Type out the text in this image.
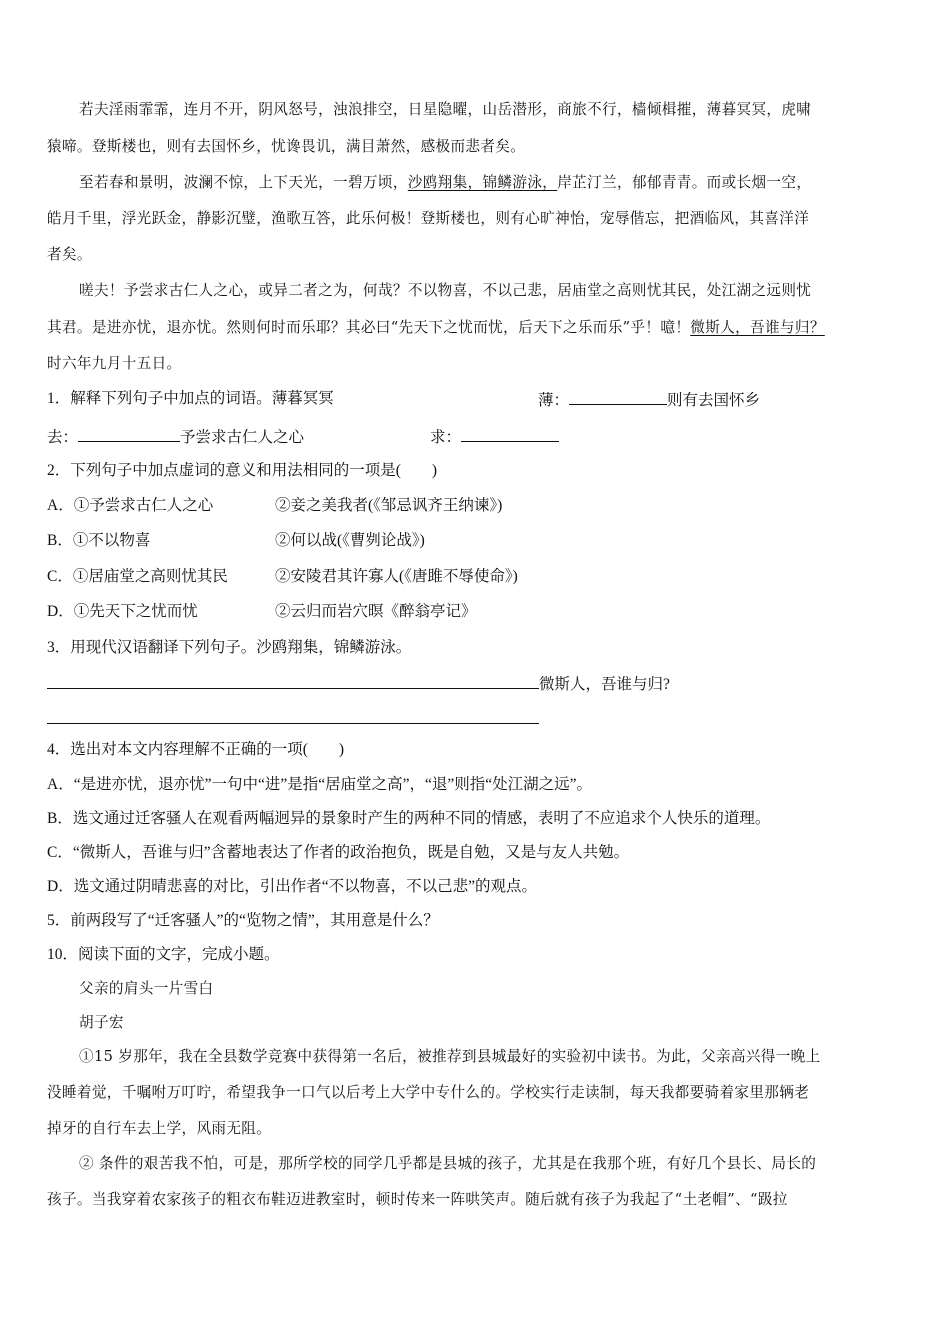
若夫淫雨霏霏，连月不开，阴风怒号，浊浪排空，日星隐曜，山岳潜形，商旅不行，樯倾楫摧，薄暮冥冥，虎啸
猿啼。登斯楼也，则有去国怀乡，忧谗畏讥，满目萧然，感极而悲者矣。
至若春和景明，波澜不惊，上下天光，一碧万顷，沙鸥翔集，锦鳞游泳，岸芷汀兰，郁郁青青。而或长烟一空，
皓月千里，浮光跃金，静影沉璧，渔歌互答，此乐何极！登斯楼也，则有心旷神怡，宠辱偕忘，把酒临风，其喜洋洋
者矣。
嗟夫！予尝求古仁人之心，或异二者之为，何哉？不以物喜，不以己悲，居庙堂之高则忧其民，处江湖之远则忧
其君。是进亦忧，退亦忧。然则何时而乐耶？其必曰“先天下之忧而忧，后天下之乐而乐”乎！噫！微斯人，吾谁与归？
时六年九月十五日。
1．解释下列句子中加点的词语。薄暮冥冥	薄：	则有去国怀乡
去：	予尝求古仁人之心	求：
2．下列句子中加点虚词的意义和用法相同的一项是(　　)
A．①予尝求古仁人之心	②妾之美我者(《邹忌讽齐王纳谏》)
B．①不以物喜	②何以战(《曹刿论战》)
C．①居庙堂之高则忧其民	②安陵君其许寡人(《唐雎不辱使命》)
D．①先天下之忧而忧	②云归而岩穴暝《醉翁亭记》
3．用现代汉语翻译下列句子。沙鸥翔集，锦鳞游泳。
微斯人，吾谁与归?
4．选出对本文内容理解不正确的一项(　　)
A．“是进亦忧，退亦忧”一句中“进”是指“居庙堂之高”，“退”则指“处江湖之远”。
B．选文通过迁客骚人在观看两幅迥异的景象时产生的两种不同的情感，表明了不应追求个人快乐的道理。
C．“微斯人，吾谁与归”含蓄地表达了作者的政治抱负，既是自勉，又是与友人共勉。
D．选文通过阴晴悲喜的对比，引出作者“不以物喜，不以己悲”的观点。
5．前两段写了“迁客骚人”的“览物之情”，其用意是什么？
10．阅读下面的文字，完成小题。
父亲的肩头一片雪白
胡子宏
①15 岁那年，我在全县数学竞赛中获得第一名后，被推荐到县城最好的实验初中读书。为此，父亲高兴得一晚上
没睡着觉，千嘱咐万叮咛，希望我争一口气以后考上大学中专什么的。学校实行走读制，每天我都要骑着家里那辆老
掉牙的自行车去上学，风雨无阻。
② 条件的艰苦我不怕，可是，那所学校的同学几乎都是县城的孩子，尤其是在我那个班，有好几个县长、局长的
孩子。当我穿着农家孩子的粗衣布鞋迈进教室时，顿时传来一阵哄笑声。随后就有孩子为我起了“土老帽”、“趿拉
